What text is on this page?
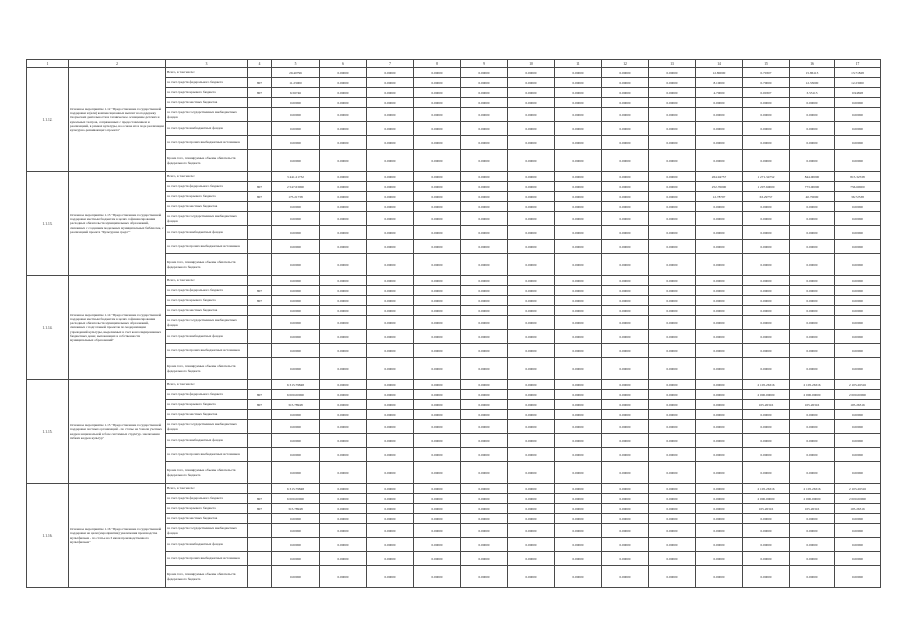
1	2	3	4	5	6	7	8	9	10	11	12	13	14	15	16	17
1.1.12.	Основное мероприятие 1.12 "Предоставление государственной поддержки и (или) компенсационных выплат на поддержку творческих деятельности и техническое оснащение детских и кукольных театров, сопряженных с предоставлением и реализацией, в рамках культуры, на основе их в ходе реализации культурно-развивающего проекта"	Всего, в том числе:		29.40796	0.00000	0.00000	0.00000	0.00000	0.00000	0.00000	0.00000	0.00000	12.80000	0.70307	15.86113	13.71828
		за счет средств федерального бюджета	807	11.23000	0.00000	0.00000	0.00000	0.00000	0.00000	0.00000	0.00000	0.00000	8.10000	0.70000	12.33000	12.23000
		за счет средств краевого бюджета	807	6.56746	0.00000	0.00000	0.00000	0.00000	0.00000	0.00000	0.00000	0.00000	4.70000	0.00307	3.53113	0.94828
		за счет средств местных бюджетов		0.00000	0.00000	0.00000	0.00000	0.00000	0.00000	0.00000	0.00000	0.00000	0.00000	0.00000	0.00000	0.00000
		за счет средств государственных внебюджетных фондов		0.00000	0.00000	0.00000	0.00000	0.00000	0.00000	0.00000	0.00000	0.00000	0.00000	0.00000	0.00000	0.00000
		за счет средств внебюджетных фондов		0.00000	0.00000	0.00000	0.00000	0.00000	0.00000	0.00000	0.00000	0.00000	0.00000	0.00000	0.00000	0.00000
		за счет средств прочих внебюджетных источников		0.00000	0.00000	0.00000	0.00000	0.00000	0.00000	0.00000	0.00000	0.00000	0.00000	0.00000	0.00000	0.00000
		Кроме того, планируемые объемы обязательств федерального бюджета		0.00000	0.00000	0.00000	0.00000	0.00000	0.00000	0.00000	0.00000	0.00000	0.00000	0.00000	0.00000	0.00000
1.1.13.	Основное мероприятие 1.13 "Предоставление государственной поддержки местным бюджетам в целях софинансирования расходных обязательств муниципальных образований, связанных с созданием модельных муниципальных библиотек, с реализацией проекта "Культурная среда""	Всего, в том числе:		3 441.21732	0.00000	0.00000	0.00000	0.00000	0.00000	0.00000	0.00000	0.00000	264.94757	1 271.34752	844.00000	815.32538
		за счет средств федерального бюджета	807	2 547.63000	0.00000	0.00000	0.00000	0.00000	0.00000	0.00000	0.00000	0.00000	252.76000	1 207.60000	773.00000	756.60000
		за счет средств краевого бюджета	807	175.21738	0.00000	0.00000	0.00000	0.00000	0.00000	0.00000	0.00000	0.00000	12.78797	63.29757	40.70000	36.72538
		за счет средств местных бюджетов		0.00000	0.00000	0.00000	0.00000	0.00000	0.00000	0.00000	0.00000	0.00000	0.00000	0.00000	0.00000	0.00000
		за счет средств государственных внебюджетных фондов		0.00000	0.00000	0.00000	0.00000	0.00000	0.00000	0.00000	0.00000	0.00000	0.00000	0.00000	0.00000	0.00000
		за счет средств внебюджетных фондов		0.00000	0.00000	0.00000	0.00000	0.00000	0.00000	0.00000	0.00000	0.00000	0.00000	0.00000	0.00000	0.00000
		за счет средств прочих внебюджетных источников		0.00000	0.00000	0.00000	0.00000	0.00000	0.00000	0.00000	0.00000	0.00000	0.00000	0.00000	0.00000	0.00000
		Кроме того, планируемые объемы обязательств федерального бюджета		0.00000	0.00000	0.00000	0.00000	0.00000	0.00000	0.00000	0.00000	0.00000	0.00000	0.00000	0.00000	0.00000
1.1.14.	Основное мероприятие 1.14 "Предоставление государственной поддержки местным бюджетам в целях софинансирования расходных обязательств муниципальных образований, связанных с подготовкой проектов по модернизации учреждений культуры, выделяемых в счет консолидированных бюджетных денег, вытекающих в собственности муниципальных образований"	Всего, в том числе:		0.00000	0.00000	0.00000	0.00000	0.00000	0.00000	0.00000	0.00000	0.00000	0.00000	0.00000	0.00000	0.00000
		за счет средств федерального бюджета	807	0.00000	0.00000	0.00000	0.00000	0.00000	0.00000	0.00000	0.00000	0.00000	0.00000	0.00000	0.00000	0.00000
		за счет средств краевого бюджета	807	0.00000	0.00000	0.00000	0.00000	0.00000	0.00000	0.00000	0.00000	0.00000	0.00000	0.00000	0.00000	0.00000
		за счет средств местных бюджетов		0.00000	0.00000	0.00000	0.00000	0.00000	0.00000	0.00000	0.00000	0.00000	0.00000	0.00000	0.00000	0.00000
		за счет средств государственных внебюджетных фондов		0.00000	0.00000	0.00000	0.00000	0.00000	0.00000	0.00000	0.00000	0.00000	0.00000	0.00000	0.00000	0.00000
		за счет средств внебюджетных фондов		0.00000	0.00000	0.00000	0.00000	0.00000	0.00000	0.00000	0.00000	0.00000	0.00000	0.00000	0.00000	0.00000
		за счет средств прочих внебюджетных источников		0.00000	0.00000	0.00000	0.00000	0.00000	0.00000	0.00000	0.00000	0.00000	0.00000	0.00000	0.00000	0.00000
		Кроме того, планируемые объемы обязательств федерального бюджета		0.00000	0.00000	0.00000	0.00000	0.00000	0.00000	0.00000	0.00000	0.00000	0.00000	0.00000	0.00000	0.00000
1.1.15.	Основное мероприятие 1.15 "Предоставление государственной поддержки частных организаций - по статье на 3 июля учетных кадров национальной в базе системных структур. заключения гибких кадров культур"	Всего, в том числе:		6 315.79848	0.00000	0.00000	0.00000	0.00000	0.00000	0.00000	0.00000	0.00000	0.00000	2 105.26316	2 105.26316	2 105.26316
		за счет средств федерального бюджета	807	6 000.00000	0.00000	0.00000	0.00000	0.00000	0.00000	0.00000	0.00000	0.00000	0.00000	2 000.00000	2 000.00000	2 000.00000
		за счет средств краевого бюджета	807	315.78948	0.00000	0.00000	0.00000	0.00000	0.00000	0.00000	0.00000	0.00000	0.00000	105.26316	105.26316	105.26316
		за счет средств местных бюджетов		0.00000	0.00000	0.00000	0.00000	0.00000	0.00000	0.00000	0.00000	0.00000	0.00000	0.00000	0.00000	0.00000
		за счет средств государственных внебюджетных фондов		0.00000	0.00000	0.00000	0.00000	0.00000	0.00000	0.00000	0.00000	0.00000	0.00000	0.00000	0.00000	0.00000
		за счет средств внебюджетных фондов		0.00000	0.00000	0.00000	0.00000	0.00000	0.00000	0.00000	0.00000	0.00000	0.00000	0.00000	0.00000	0.00000
		за счет средств прочих внебюджетных источников		0.00000	0.00000	0.00000	0.00000	0.00000	0.00000	0.00000	0.00000	0.00000	0.00000	0.00000	0.00000	0.00000
		Кроме того, планируемые объемы обязательств федерального бюджета		0.00000	0.00000	0.00000	0.00000	0.00000	0.00000	0.00000	0.00000	0.00000	0.00000	0.00000	0.00000	0.00000
1.1.16.	Основное мероприятие 1.16 "Предоставление государственной поддержки на цели (мероприятия) увеличения производства мультфильма - по статье на 3 июля производственного мультфильма"	Всего, в том числе:		6 315.79848	0.00000	0.00000	0.00000	0.00000	0.00000	0.00000	0.00000	0.00000	0.00000	2 105.26316	2 105.26316	2 105.26316
		за счет средств федерального бюджета	807	6 000.00000	0.00000	0.00000	0.00000	0.00000	0.00000	0.00000	0.00000	0.00000	0.00000	2 000.00000	2 000.00000	2 000.00000
		за счет средств краевого бюджета	807	315.78948	0.00000	0.00000	0.00000	0.00000	0.00000	0.00000	0.00000	0.00000	0.00000	105.26316	105.26316	105.26316
		за счет средств местных бюджетов		0.00000	0.00000	0.00000	0.00000	0.00000	0.00000	0.00000	0.00000	0.00000	0.00000	0.00000	0.00000	0.00000
		за счет средств государственных внебюджетных фондов		0.00000	0.00000	0.00000	0.00000	0.00000	0.00000	0.00000	0.00000	0.00000	0.00000	0.00000	0.00000	0.00000
		за счет средств внебюджетных фондов		0.00000	0.00000	0.00000	0.00000	0.00000	0.00000	0.00000	0.00000	0.00000	0.00000	0.00000	0.00000	0.00000
		за счет средств прочих внебюджетных источников		0.00000	0.00000	0.00000	0.00000	0.00000	0.00000	0.00000	0.00000	0.00000	0.00000	0.00000	0.00000	0.00000
		Кроме того, планируемые объемы обязательств федерального бюджета		0.00000	0.00000	0.00000	0.00000	0.00000	0.00000	0.00000	0.00000	0.00000	0.00000	0.00000	0.00000	0.00000
